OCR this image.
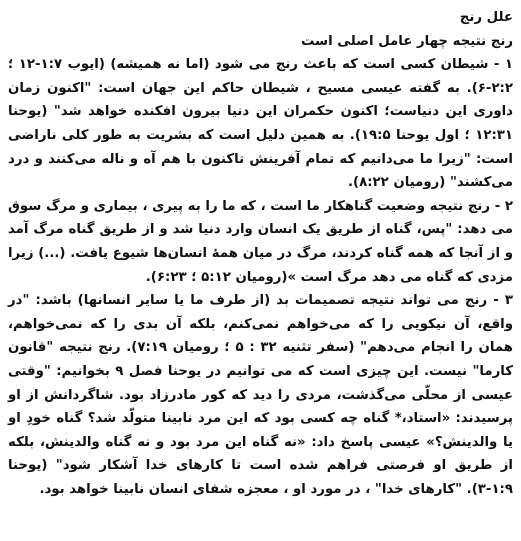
علل رنج

رنج نتیجه چهار عامل اصلی است

۱ - شیطان کسی است که باعث رنج می شود (اما نه همیشه) (ایوب ۱:۷-۱۲ ؛ ۲:۲-۶). به گفته عیسی مسیح ، شیطان حاکم این جهان است: "اکنون زمان داوری این دنیاست؛ اکنون حکمران این دنیا بیرون افکنده خواهد شد" (یوحنا ۱۲:۳۱ ؛ اول یوحنا ۱۹:۵). به همین دلیل است که بشریت به طور کلی ناراضی است: "زیرا ما می‌دانیم که تمام آفرینش تاکنون با هم آه و ناله می‌کنند و درد می‌کشند" (رومیان ۸:۲۲).

۲ - رنج نتیجه وضعیت گناهکار ما است ، که ما را به پیری ، بیماری و مرگ سوق می دهد: "پس، گناه از طریق یک انسان وارد دنیا شد و از طریق گناه مرگ آمد و از آنجا که همه گناه کردند، مرگ در میان همهٔ انسان‌ها شیوع یافت. (...) زیرا مزدی که گناه می دهد مرگ است »(رومیان ۵:۱۲ ؛ ۶:۲۳).

۳ - رنج می تواند نتیجه تصمیمات بد (از طرف ما یا سایر انسانها) باشد: "در واقع، آن نیکویی را که می‌خواهم نمی‌کنم، بلکه آن بدی را که نمی‌خواهم، همان را انجام می‌دهم" (سفر تثنیه ۳۲ : ۵ ؛ رومیان ۷:۱۹). رنج نتیجه "قانون کارما" نیست. این چیزی است که می توانیم در یوحنا فصل ۹ بخوانیم: "وقتی عیسی از محلّی می‌گذشت، مردی را دید که کور مادرزاد بود. شاگردانش از او پرسیدند: «استاد،* گناه چه کسی بود که این مرد نابینا متولّد شد؟ گناه خودِ او یا والدینش؟» عیسی پاسخ داد: «نه گناه این مرد بود و نه گناه والدینش، بلکه از طریق او فرصتی فراهم شده است تا کارهای خدا آشکار شود" (یوحنا ۱:۹-۳). "کارهای خدا" ، در مورد او ، معجزه شفای انسان نابینا خواهد بود.
